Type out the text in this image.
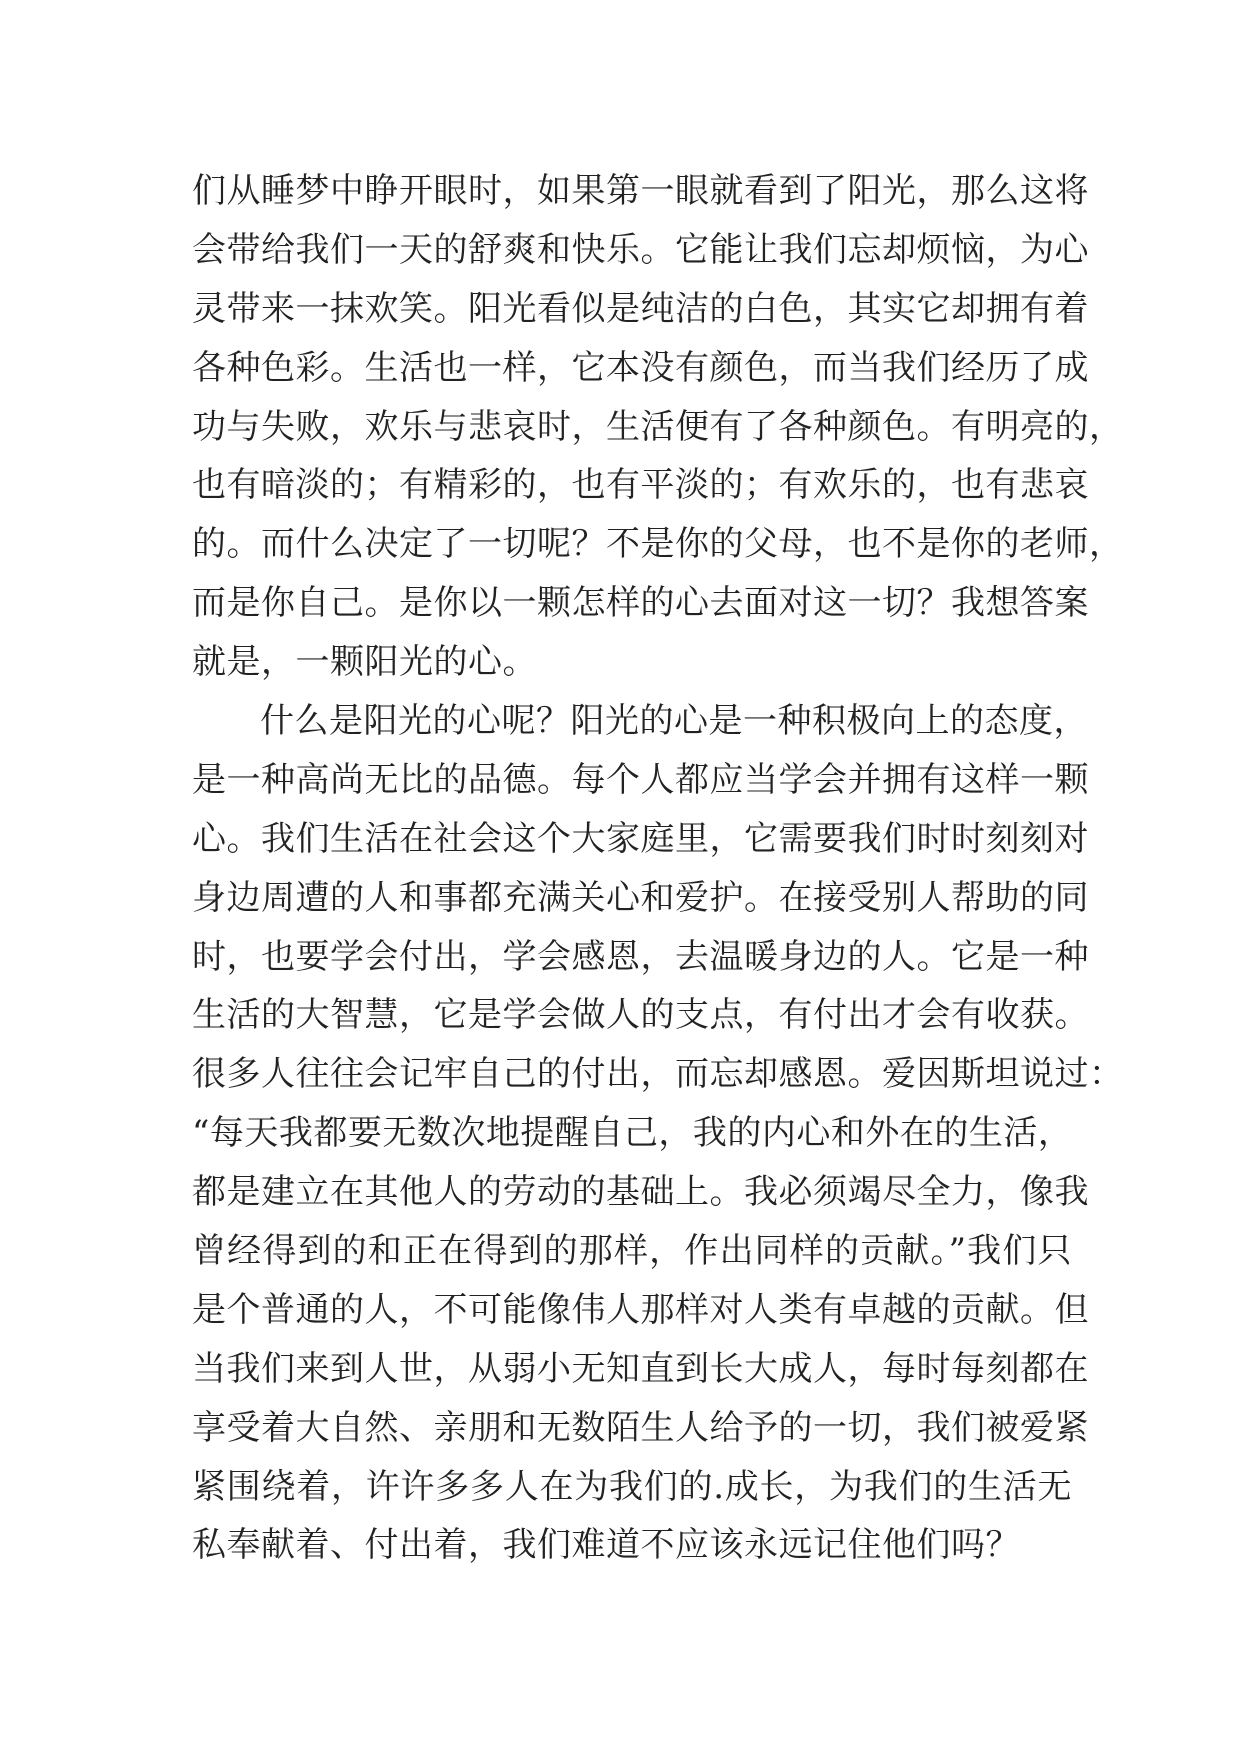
们从睡梦中睁开眼时，如果第一眼就看到了阳光，那么这将
会带给我们一天的舒爽和快乐。它能让我们忘却烦恼，为心
灵带来一抹欢笑。阳光看似是纯洁的白色，其实它却拥有着
各种色彩。生活也一样，它本没有颜色，而当我们经历了成
功与失败，欢乐与悲哀时，生活便有了各种颜色。有明亮的，
也有暗淡的；有精彩的，也有平淡的；有欢乐的，也有悲哀
的。而什么决定了一切呢？不是你的父母，也不是你的老师，
而是你自己。是你以一颗怎样的心去面对这一切？我想答案
就是，一颗阳光的心。
什么是阳光的心呢？阳光的心是一种积极向上的态度，
是一种高尚无比的品德。每个人都应当学会并拥有这样一颗
心。我们生活在社会这个大家庭里，它需要我们时时刻刻对
身边周遭的人和事都充满关心和爱护。在接受别人帮助的同
时，也要学会付出，学会感恩，去温暖身边的人。它是一种
生活的大智慧，它是学会做人的支点，有付出才会有收获。
很多人往往会记牢自己的付出，而忘却感恩。爱因斯坦说过：
“每天我都要无数次地提醒自己，我的内心和外在的生活，
都是建立在其他人的劳动的基础上。我必须竭尽全力，像我
曾经得到的和正在得到的那样，作出同样的贡献。”我们只
是个普通的人，不可能像伟人那样对人类有卓越的贡献。但
当我们来到人世，从弱小无知直到长大成人，每时每刻都在
享受着大自然、亲朋和无数陌生人给予的一切，我们被爱紧
紧围绕着，许许多多人在为我们的.成长，为我们的生活无
私奉献着、付出着，我们难道不应该永远记住他们吗？
